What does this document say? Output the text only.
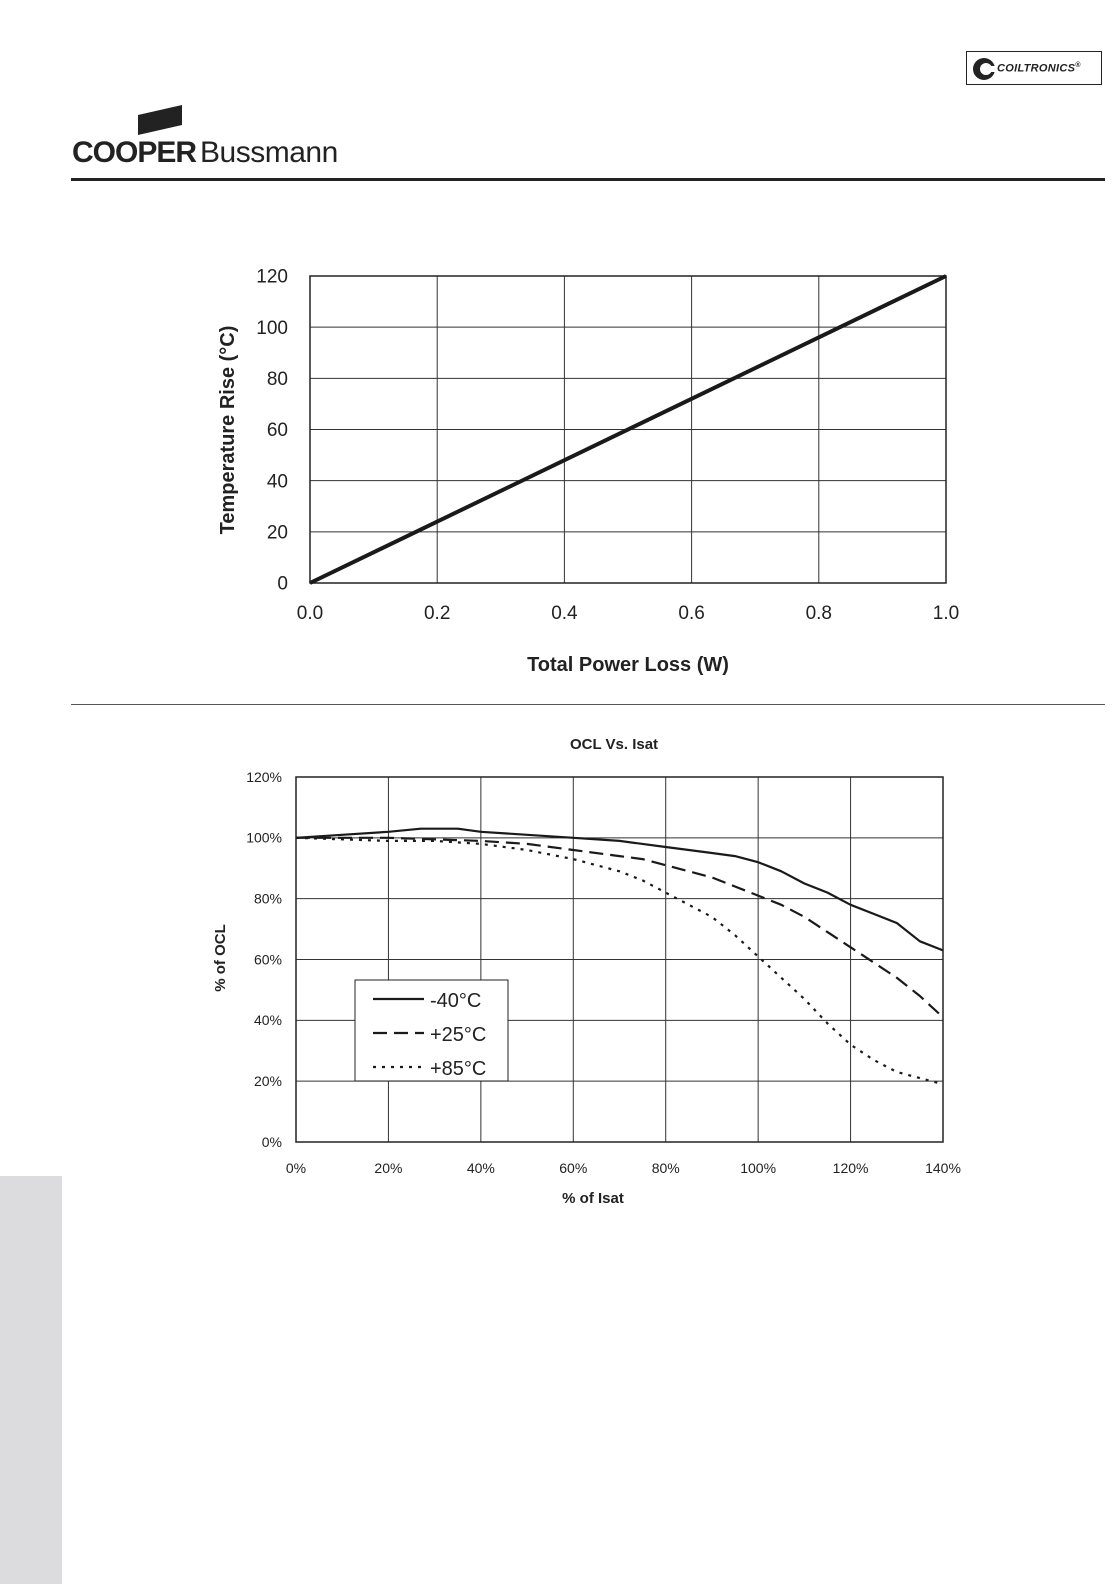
COOPER Bussmann
COILTRONICS®
0
20
40
60
80
100
120
0.0	0.2	0.4	0.6	0.8	1.0
Total Power Loss (W)
Temperature Rise (°C)
OCL Vs. Isat
0%
20%
40%
60%
80%
100%
120%
0%	20%	40%	60%	80%	100%	120%	140%
% of Isat
% of OCL
-40°C
+25°C
+85°C
